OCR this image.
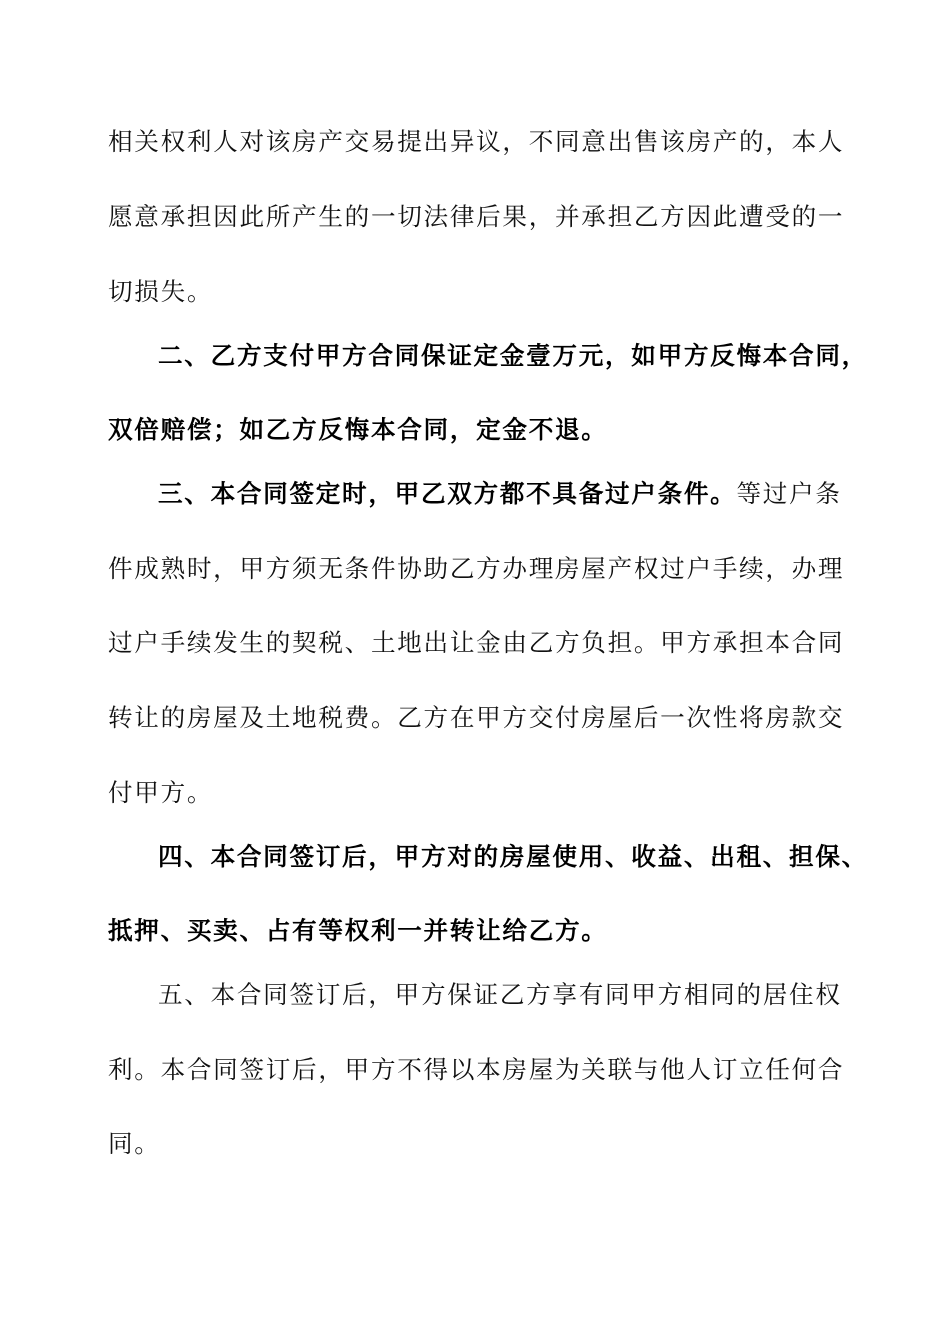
相关权利人对该房产交易提出异议，不同意出售该房产的，本人
愿意承担因此所产生的一切法律后果，并承担乙方因此遭受的一
切损失。
二、乙方支付甲方合同保证定金壹万元，如甲方反悔本合同，
双倍赔偿；如乙方反悔本合同，定金不退。
三、本合同签定时，甲乙双方都不具备过户条件。等过户条
件成熟时，甲方须无条件协助乙方办理房屋产权过户手续，办理
过户手续发生的契税、土地出让金由乙方负担。甲方承担本合同
转让的房屋及土地税费。乙方在甲方交付房屋后一次性将房款交
付甲方。
四、本合同签订后，甲方对的房屋使用、收益、出租、担保、
抵押、买卖、占有等权利一并转让给乙方。
五、本合同签订后，甲方保证乙方享有同甲方相同的居住权
利。本合同签订后，甲方不得以本房屋为关联与他人订立任何合
同。
